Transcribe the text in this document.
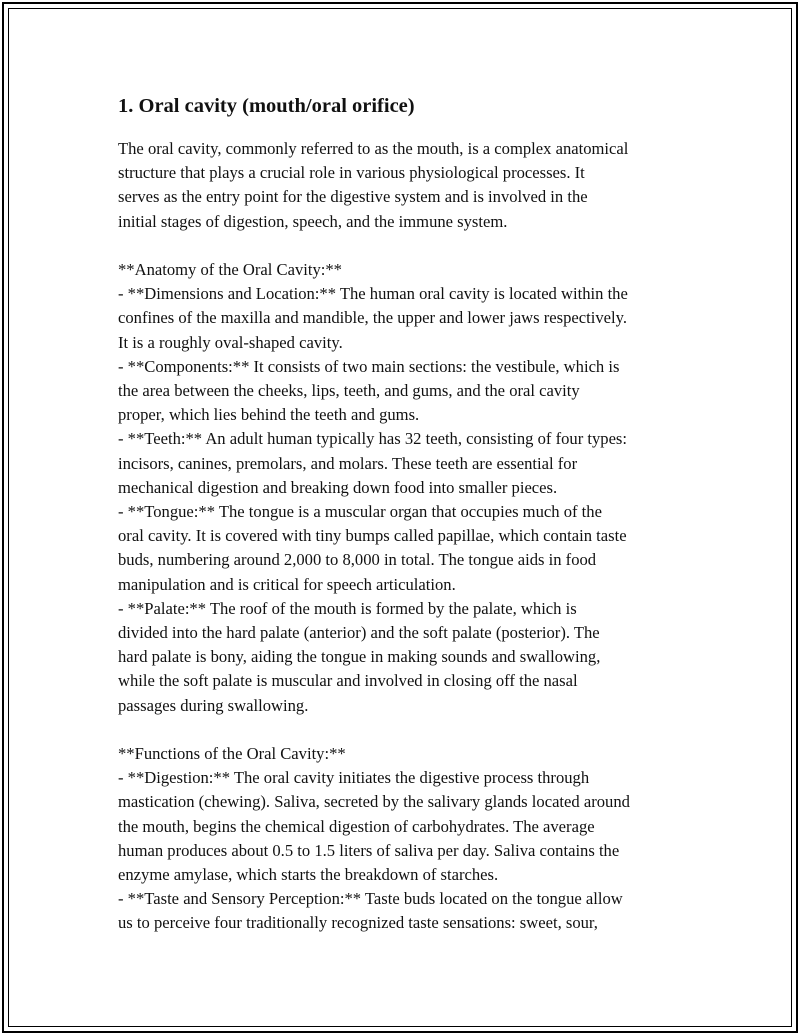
1. Oral cavity (mouth/oral orifice)

The oral cavity, commonly referred to as the mouth, is a complex anatomical
structure that plays a crucial role in various physiological processes. It
serves as the entry point for the digestive system and is involved in the
initial stages of digestion, speech, and the immune system.

**Anatomy of the Oral Cavity:**

- **Dimensions and Location:** The human oral cavity is located within the
confines of the maxilla and mandible, the upper and lower jaws respectively.
It is a roughly oval-shaped cavity.

- **Components:** It consists of two main sections: the vestibule, which is
the area between the cheeks, lips, teeth, and gums, and the oral cavity
proper, which lies behind the teeth and gums.

- **Teeth:** An adult human typically has 32 teeth, consisting of four types:
incisors, canines, premolars, and molars. These teeth are essential for
mechanical digestion and breaking down food into smaller pieces.

- **Tongue:** The tongue is a muscular organ that occupies much of the
oral cavity. It is covered with tiny bumps called papillae, which contain taste
buds, numbering around 2,000 to 8,000 in total. The tongue aids in food
manipulation and is critical for speech articulation.

- **Palate:** The roof of the mouth is formed by the palate, which is
divided into the hard palate (anterior) and the soft palate (posterior). The
hard palate is bony, aiding the tongue in making sounds and swallowing,
while the soft palate is muscular and involved in closing off the nasal
passages during swallowing.

**Functions of the Oral Cavity:**

- **Digestion:** The oral cavity initiates the digestive process through
mastication (chewing). Saliva, secreted by the salivary glands located around
the mouth, begins the chemical digestion of carbohydrates. The average
human produces about 0.5 to 1.5 liters of saliva per day. Saliva contains the
enzyme amylase, which starts the breakdown of starches.

- **Taste and Sensory Perception:** Taste buds located on the tongue allow
us to perceive four traditionally recognized taste sensations: sweet, sour,
